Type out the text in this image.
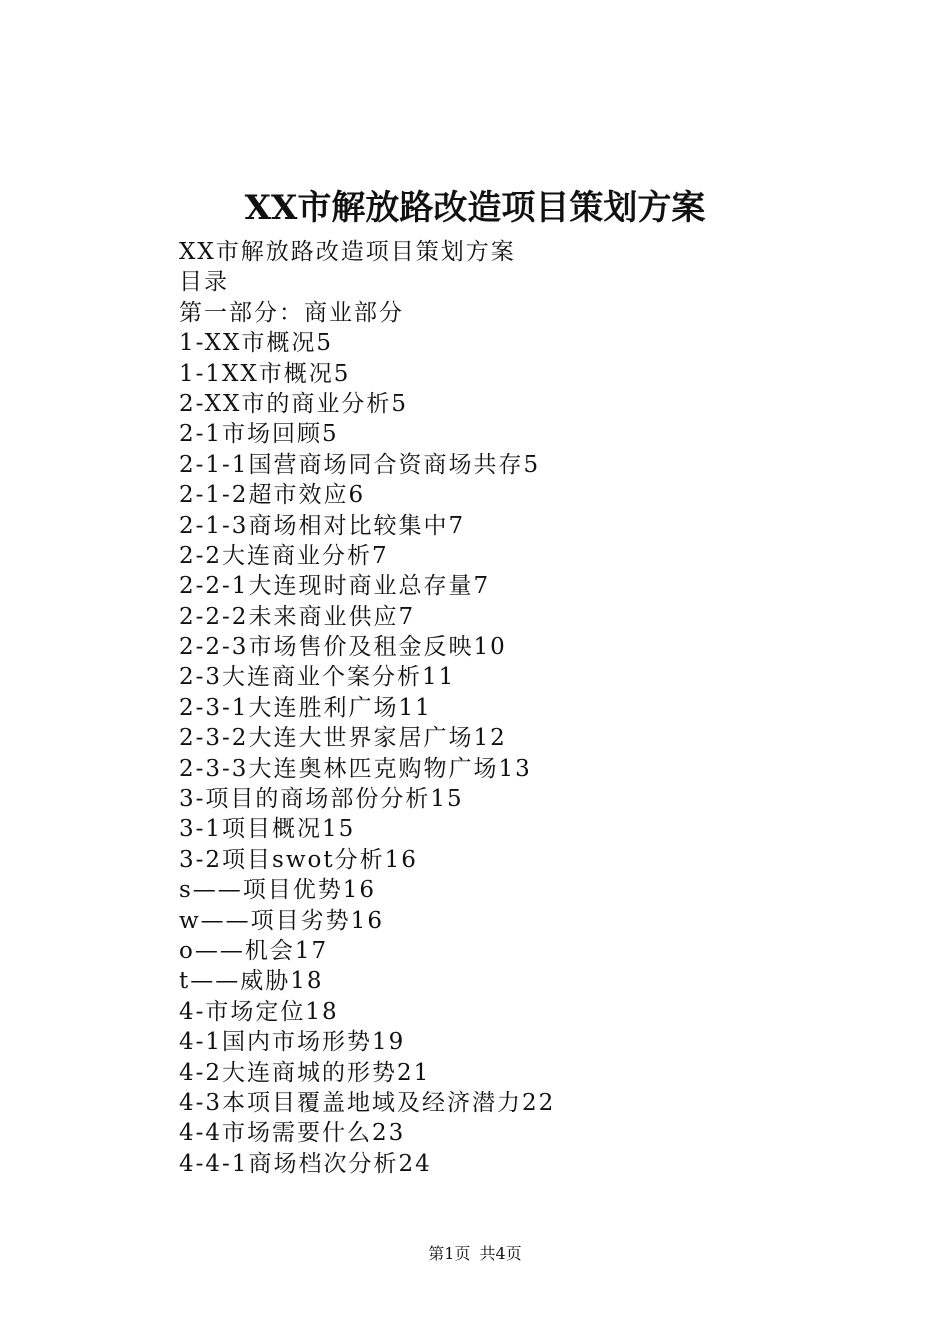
XX市解放路改造项目策划方案
XX市解放路改造项目策划方案
目录
第一部分：商业部分
1-XX市概况5
1-1XX市概况5
2-XX市的商业分析5
2-1市场回顾5
2-1-1国营商场同合资商场共存5
2-1-2超市效应6
2-1-3商场相对比较集中7
2-2大连商业分析7
2-2-1大连现时商业总存量7
2-2-2未来商业供应7
2-2-3市场售价及租金反映10
2-3大连商业个案分析11
2-3-1大连胜利广场11
2-3-2大连大世界家居广场12
2-3-3大连奥林匹克购物广场13
3-项目的商场部份分析15
3-1项目概况15
3-2项目swot分析16
s——项目优势16
w——项目劣势16
o——机会17
t——威胁18
4-市场定位18
4-1国内市场形势19
4-2大连商城的形势21
4-3本项目覆盖地域及经济潜力22
4-4市场需要什么23
4-4-1商场档次分析24
第1页 共4页
